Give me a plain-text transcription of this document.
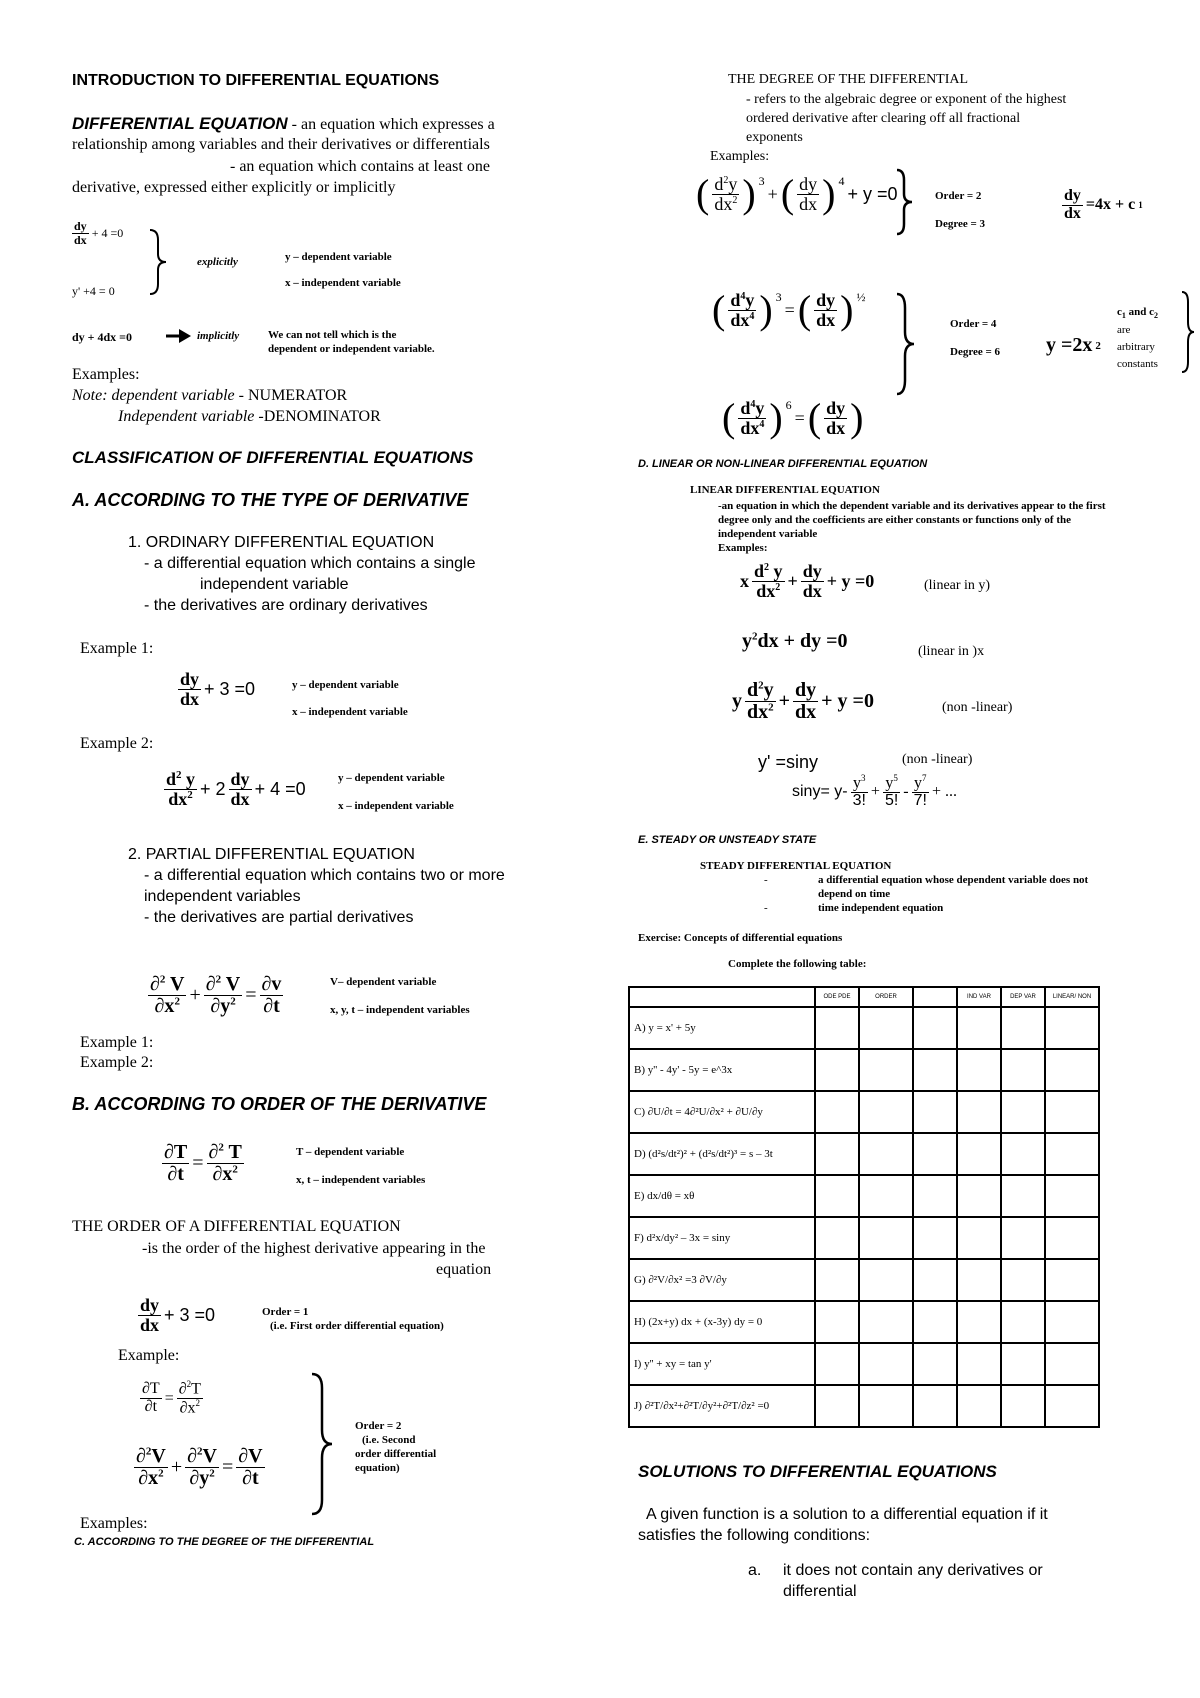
INTRODUCTION TO DIFFERENTIAL EQUATIONS
DIFFERENTIAL EQUATION - an equation which expresses a
relationship among variables and their derivatives or differentials
- an equation which contains at least one
derivative, expressed either explicitly or implicitly
$\frac{dy}{dx} + 4 =0$
y' +4 = 0
explicitly	y – dependent variable
x – independent variable
dy + 4dx =0	implicitly	We can not tell which is the
dependent or independent variable.
Examples:
Note: dependent variable - NUMERATOR
Independent variable -DENOMINATOR
CLASSIFICATION OF DIFFERENTIAL EQUATIONS
A. ACCORDING TO THE TYPE OF DERIVATIVE
1. ORDINARY DIFFERENTIAL EQUATION
- a differential equation which contains a single
independent variable
- the derivatives are ordinary derivatives
Example 1:
$\frac{dy}{dx} + 3 =0$	y – dependent variable
x – independent variable
Example 2:
$\frac{d^2 y}{dx^2} + 2 \frac{dy}{dx} + 4 =0$
y – dependent variable
x – independent variable
2. PARTIAL DIFFERENTIAL EQUATION
- a differential equation which contains two or more
independent variables
- the derivatives are partial derivatives
$\frac{\partial^2 V}{\partial x^2} + \frac{\partial^2 V}{\partial y^2} = \frac{\partial v}{\partial t}$	V– dependent variable
x, y, t – independent variables
Example 1:
Example 2:
B. ACCORDING TO ORDER OF THE DERIVATIVE
$\frac{\partial T}{\partial t} = \frac{\partial^2 T}{\partial x^2}$	T – dependent variable
x, t – independent variables
THE ORDER OF A DIFFERENTIAL EQUATION
-is the order of the highest derivative appearing in the
equation
$\frac{dy}{dx} + 3 =0$	Order = 1
(i.e. First order differential equation)
Example:
$\frac{\partial T}{\partial t} = \frac{\partial^2T}{\partial x^2}$
$\frac{\partial^2V}{\partial x^2} + \frac{\partial^2V}{\partial y^2} = \frac{\partial V}{\partial t}$
Order = 2
(i.e. Second
order differential
equation)
Examples:
C. ACCORDING TO THE DEGREE OF THE DIFFERENTIAL
THE DEGREE OF THE DIFFERENTIAL
- refers to the algebraic degree or exponent of the highest
ordered derivative after clearing off all fractional
exponents
Examples:
( $\frac{d^2y}{dx^2}$ ) $^3$
+ ( $\frac{dy}{dx}$ ) $^4$
+ y =0	Order = 2
Degree = 3
$\frac{dy}{dx} =4x + c$ 1
( $\frac{d^4y}{dx^4}$ ) $^3$
= ( $\frac{dy}{dx}$ ) $^{\frac{1}{2}}$
Order = 4
Degree = 6 y =2x 2
$c_1$ and $c_2$
are
arbitrary
constants
( $\frac{d^4y}{dx^4}$ ) $^6$
= ( $\frac{dy}{dx}$ )
D. LINEAR OR NON-LINEAR DIFFERENTIAL EQUATION
LINEAR DIFFERENTIAL EQUATION
-an equation in which the dependent variable and its derivatives appear to the first
degree only and the coefficients are either constants or functions only of the
independent variable
Examples:
x $\frac{d^2 y}{dx^2} + \frac{dy}{dx} + y =0$	(linear in y)
$y^2dx$ + dy =0	(linear in )x
y $\frac{d^2y}{dx^2} + \frac{dy}{dx} + y =0$	(non -linear)
y' =siny	(non -linear)
$\sin y= y- \frac{y^3}{3!} + \frac{y^5}{5!} - \frac{y^7}{7!}$ + ...
E. STEADY OR UNSTEADY STATE
STEADY DIFFERENTIAL EQUATION
-	a differential equation whose dependent variable does not
depend on time
-	time independent equation
Exercise: Concepts of differential equations
Complete the following table:
	ODE PDE	ORDER		IND VAR	DEP VAR	LINEAR/ NON
A) y = x' + 5y						
B) y'' - 4y' - 5y = e^3x						
C) ∂U/∂t = 4∂²U/∂x² + ∂U/∂y						
D) (d²s/dt²)² + (d²s/dt²)³ = s – 3t						
E) dx/dθ = xθ						
F) d²x/dy² – 3x = siny						
G) ∂²V/∂x² =3 ∂V/∂y						
H) (2x+y) dx + (x-3y) dy = 0						
I) y'' + xy = tan y'						
J) ∂²T/∂x²+∂²T/∂y²+∂²T/∂z² =0						
SOLUTIONS TO DIFFERENTIAL EQUATIONS
A given function is a solution to a differential equation if it
satisfies the following conditions:
a. it does not contain any derivatives or
differential
